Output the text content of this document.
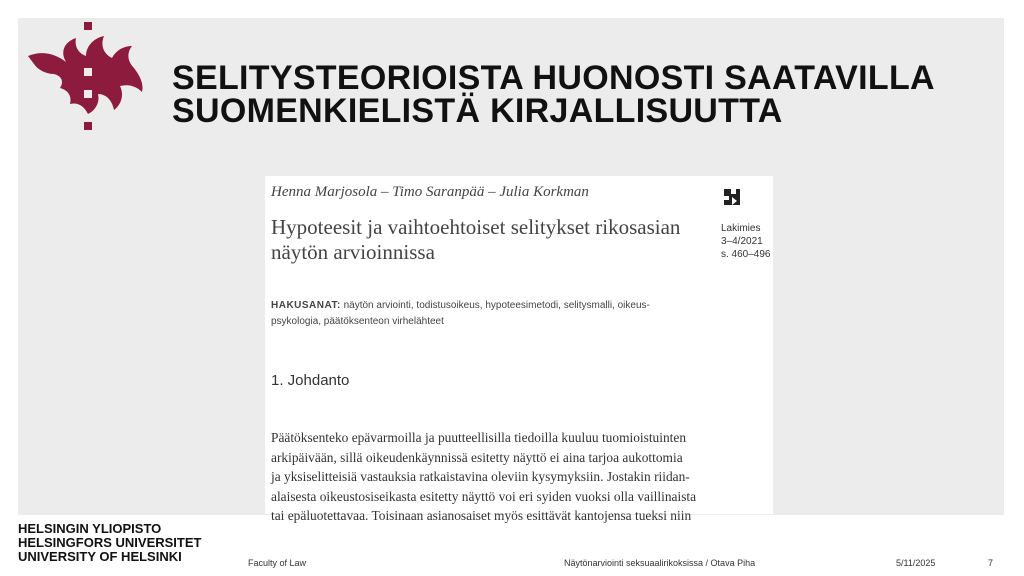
SELITYSTEORIOISTA HUONOSTI SAATAVILLA
SUOMENKIELISTÄ KIRJALLISUUTTA
Henna Marjosola – Timo Saranpää – Julia Korkman
Hypoteesit ja vaihtoehtoiset selitykset rikosasian
näytön arvioinnissa
Lakimies
3–4/2021
s. 460–496
HAKUSANAT: näytön arviointi, todistusoikeus, hypoteesimetodi, selitysmalli, oikeus-
psykologia, päätöksenteon virhelähteet
1. Johdanto
Päätöksenteko epävarmoilla ja puutteellisilla tiedoilla kuuluu tuomioistuinten
arkipäivään, sillä oikeudenkäynnissä esitetty näyttö ei aina tarjoa aukottomia
ja yksiselitteisiä vastauksia ratkaistavina oleviin kysymyksiin. Jostakin riidan-
alaisesta oikeustosiseikasta esitetty näyttö voi eri syiden vuoksi olla vaillinaista
tai epäluotettavaa. Toisinaan asianosaiset myös esittävät kantojensa tueksi niin
HELSINGIN YLIOPISTO
HELSINGFORS UNIVERSITET
UNIVERSITY OF HELSINKI	Faculty of Law	Näytönarviointi seksuaalirikoksissa / Otava Piha	5/11/2025	7
